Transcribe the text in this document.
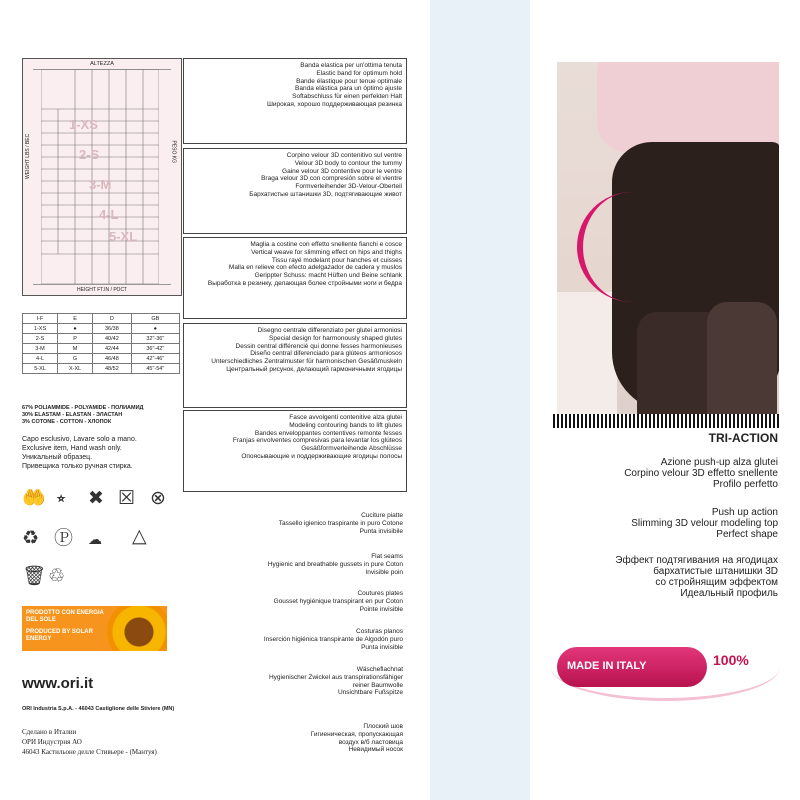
ALTEZZA
WEIGHT LBS / ВЕС	PESO KG
1-XS
2-S
3-M
4-L
5-XL
HEIGHT FT.IN / РОСТ
I-F	E	D	GB
1-XS	●	36/38	●
2-S	P	40/42	32"-36"
3-M	M	42/44	36"-42"
4-L	G	46/48	42"-46"
5-XL	X-XL	48/52	45"-54"
67% POLIAMMIDE - POLYAMIDE - ПОЛИАМИД
30% ELASTAM - ELASTAN - ЭЛАСТАН
3% COTONE - COTTON - ХЛОПОК
Capo esclusivo, Lavare solo a mano.
Exclusive item, Hand wash only.
Уникальный образец.
Привещика только ручная стирка.
🤲 ⭒ ✖ ☒ ⊗
♻ Ⓟ ☁ △
🗑 ♲
PRODOTTO CON ENERGIA DEL SOLE
PRODUCED BY SOLAR ENERGY
www.ori.it
ORI Industria S.p.A. - 46043 Castiglione delle Stiviere (MN)
Сделано в Италии
ОРИ Индустрия АО
46043 Кастильоне делле Стивьере - (Мантуя)
Banda elastica per un'ottima tenuta
Elastic band for optimum hold
Bande élastique pour tenue optimale
Banda elástica para un óptimo ajuste
Softabschluss für einen perfekten Halt
Широкая, хорошо поддерживающая резинка
Corpino velour 3D contenitivo sul ventre
Velour 3D body to contour the tummy
Gaine velour 3D contentive pour le ventre
Braga velour 3D con compresión sobre el vientre
Formverleihender 3D-Velour-Oberteil
Бархатистые штанишки 3D, подтягивающие живот
Maglia a costine con effetto snellente fianchi e cosce
Vertical weave for slimming effect on hips and thighs
Tissu rayé modelant pour hanches et cuisses
Malla en relieve con efecto adelgazador de cadera y muslos
Gerippter Schuss: macht Hüften und Beine schlank
Выработка в резинку, делающая более стройными ноги и бедра
Disegno centrale differenziato per glutei armoniosi
Special design for harmonously shaped glutes
Dessin central différencié qui donne fesses harmonieuses
Diseño central diferenciado para glúteos armoniosos
Unterschiedliches Zentralmuster für harmonischen Gesäßmuskeln
Центральный рисунок, делающий гармоничными ягодицы
Fasce avvolgenti contenitive alza glutei
Modeling contouring bands to lift glutes
Bandes enveloppantes contentives remonte fesses
Franjas envolventes compresivas para levantar los glúteos
Gesäßformverleihende Abschlüsse
Опоясывающие и поддерживающие ягодицы полосы
Cuciture piatte
Tassello igienico traspirante in puro Cotone
Punta invisibile
Flat seams
Hygienic and breathable gussets in pure Coton
Invisible poin
Coutures plates
Gousset hygiénique transpirant en pur Coton
Pointe invisible
Costuras planos
Inserción higiénica transpirante de Algodón puro
Punta invisible
Wäscheflachnat
Hygienischer Zwickel aus transpirationsfähiger
reiner Baumwolle
Unsichtbare Fußspitze
Плоский шов
Гигиеническая, пропускающая
воздух в/б ластовица
Невидимый носок
TRI-ACTION
Azione push-up alza glutei
Corpino velour 3D effetto snellente
Profilo perfetto
Push up action
Slimming 3D velour modeling top
Perfect shape
Эффект подтягивания на ягодицах
бархатистые штанишки 3D
со стройнящим эффектом
Идеальный профиль
MADE IN ITALY	100%
